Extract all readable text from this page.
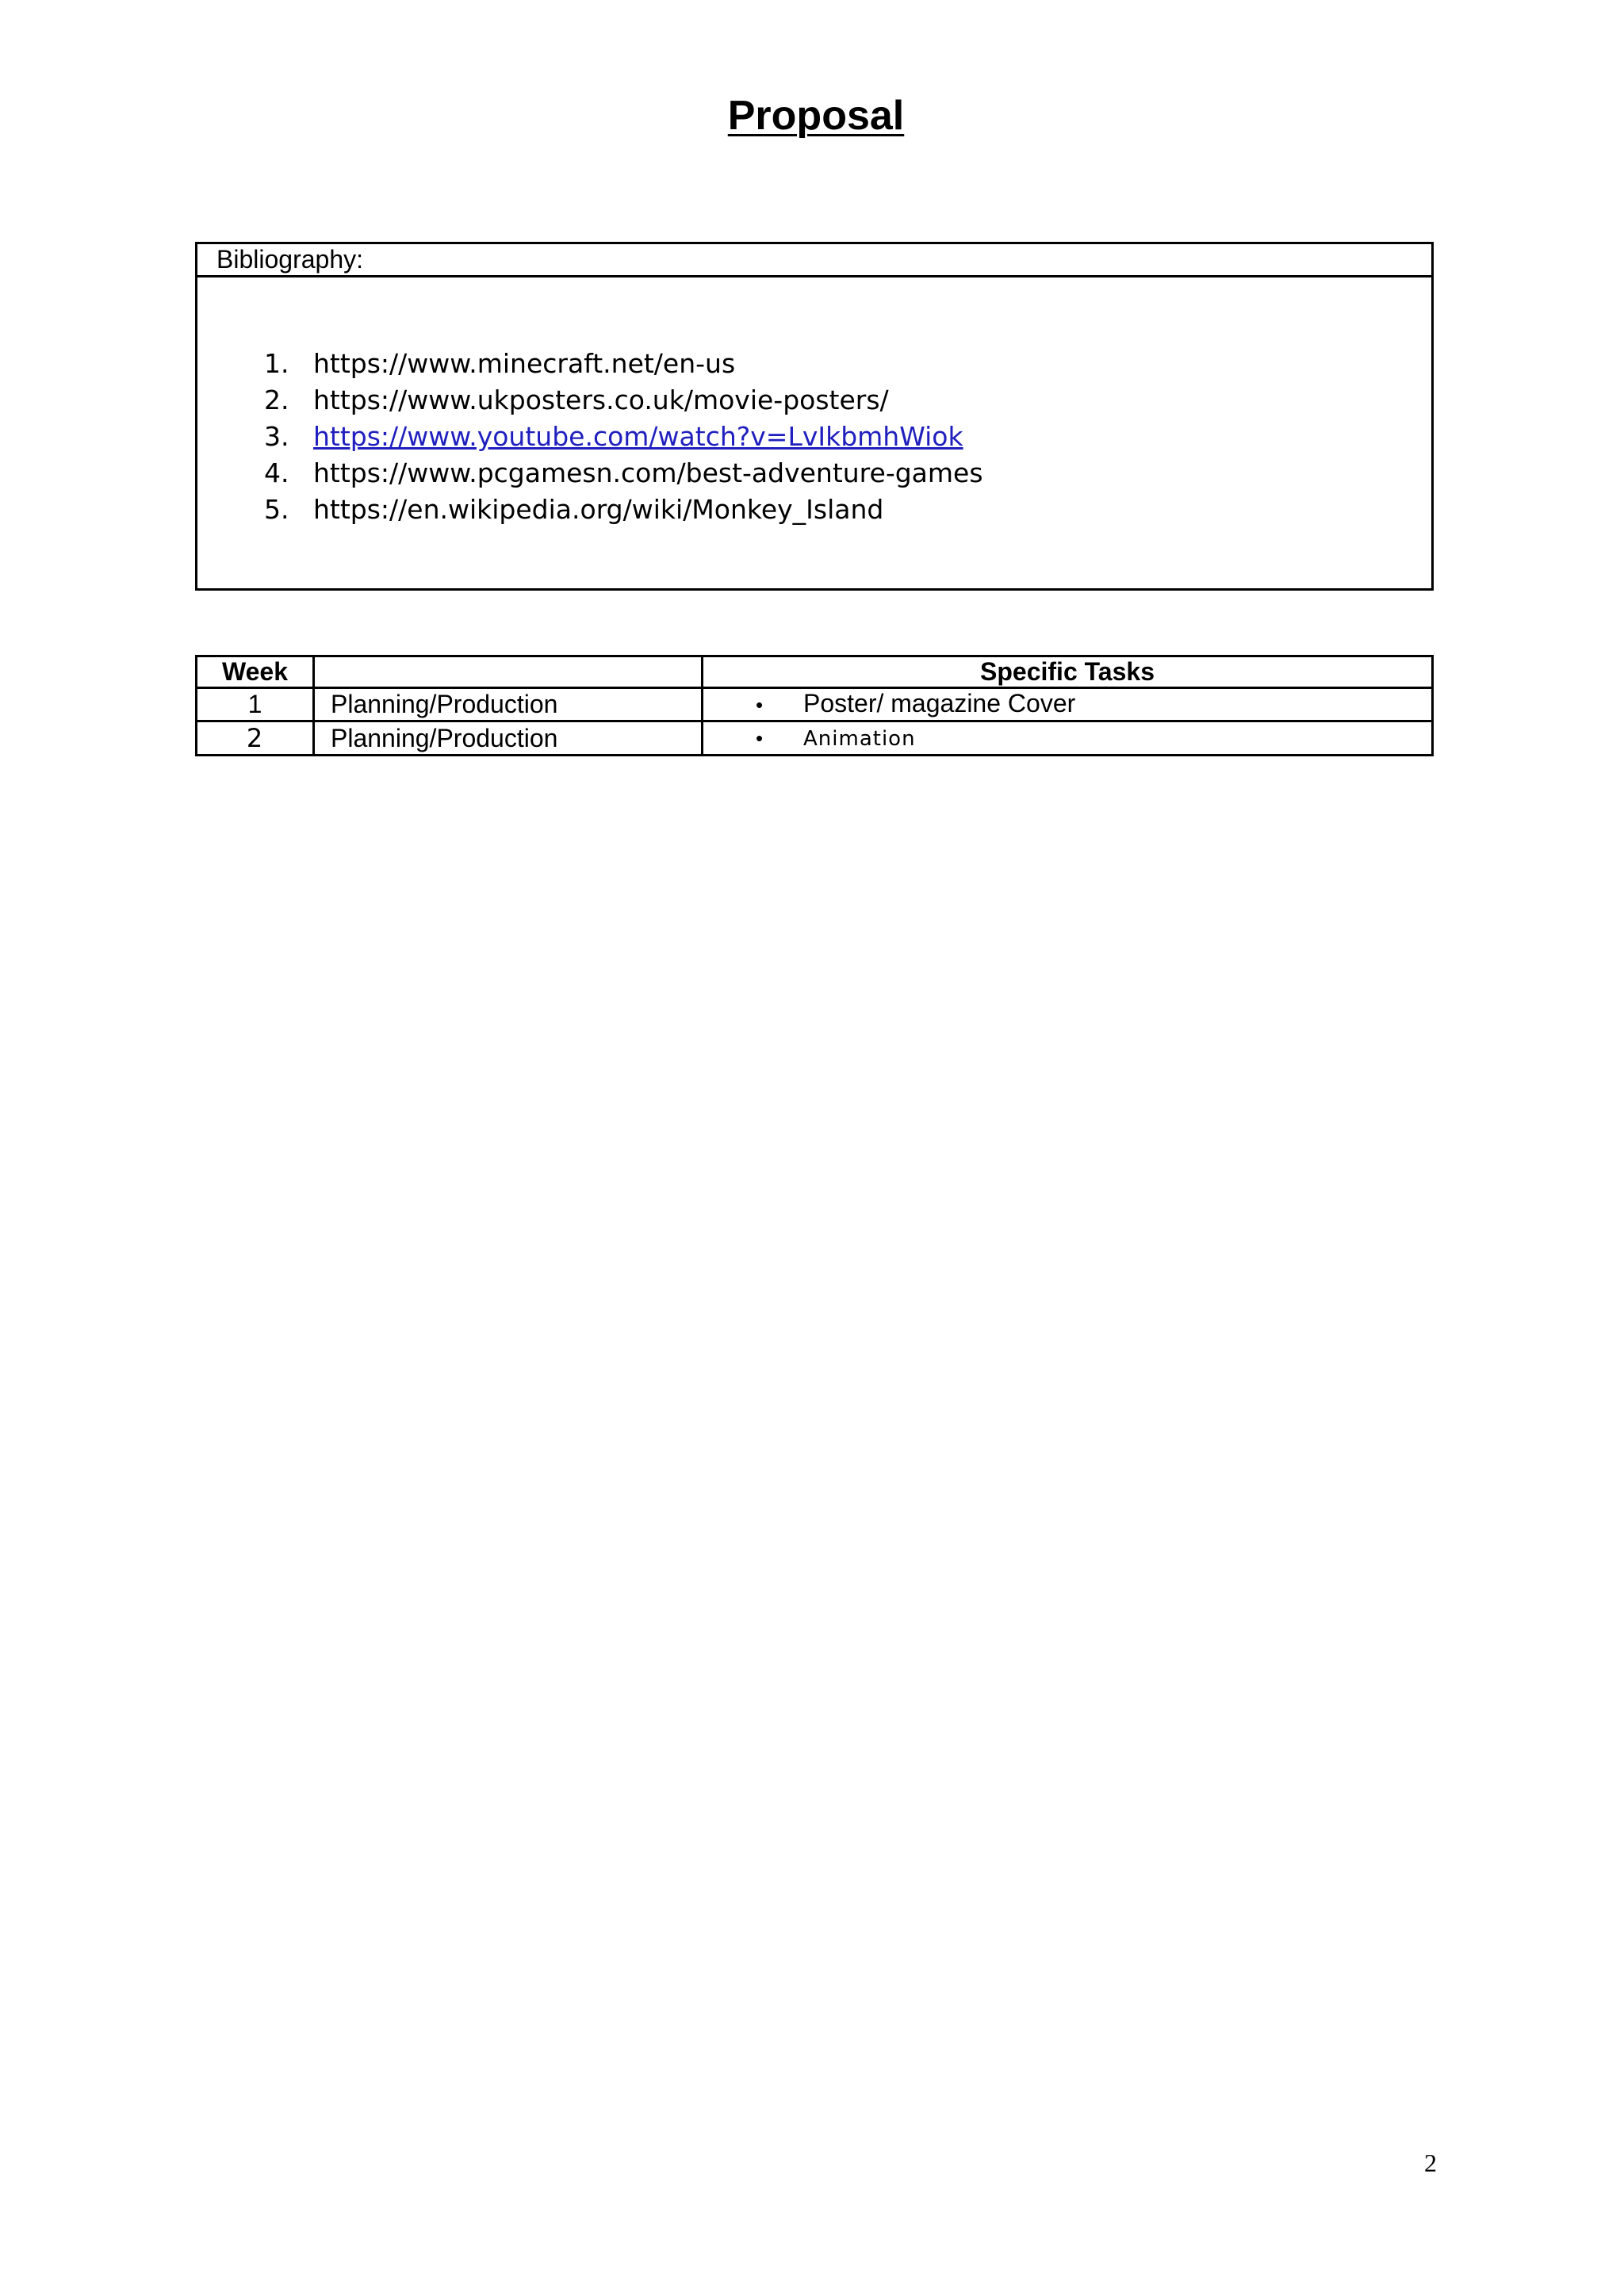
Proposal
Bibliography:
1. https://www.minecraft.net/en-us
2. https://www.ukposters.co.uk/movie-posters/
3. https://www.youtube.com/watch?v=LvIkbmhWiok
4. https://www.pcgamesn.com/best-adventure-games
5. https://en.wikipedia.org/wiki/Monkey_Island
Week		Specific Tasks
1	Planning/Production	• Poster/ magazine Cover
2	Planning/Production	• Animation
2
